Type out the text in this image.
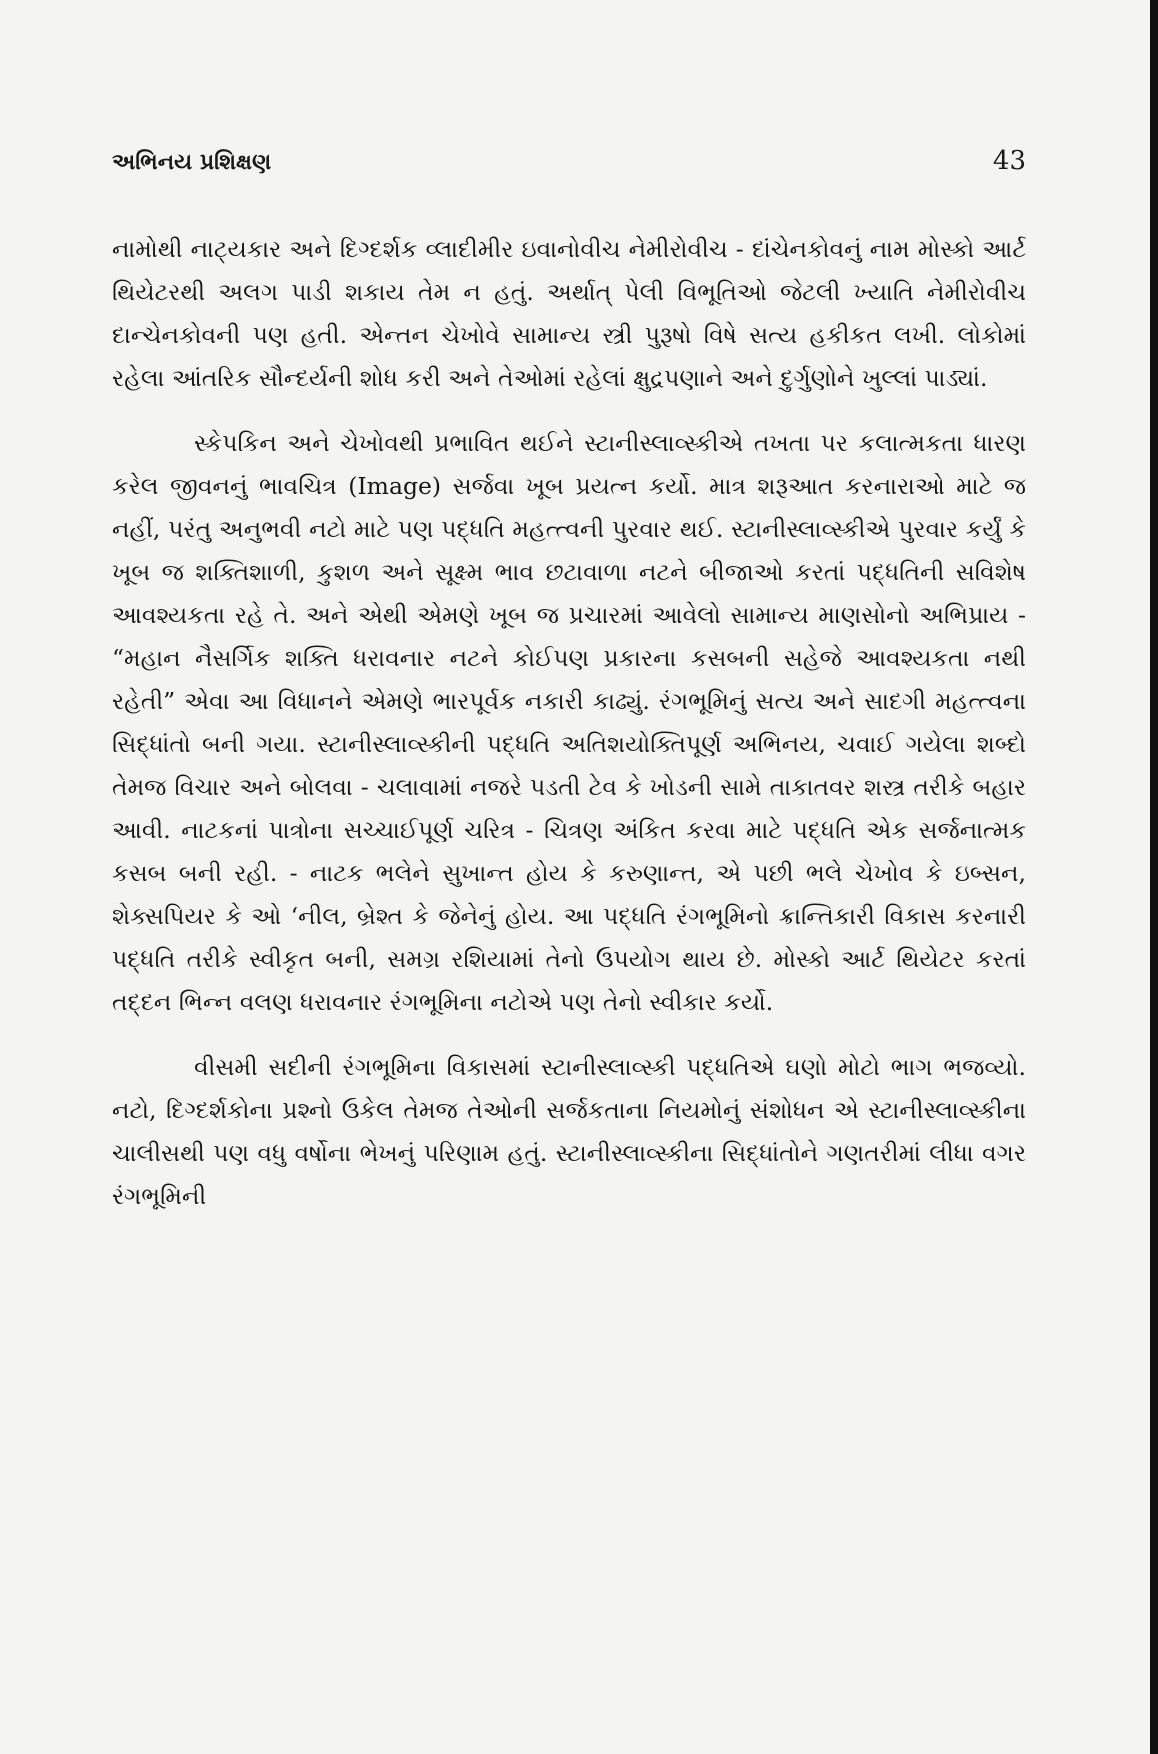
અભિનય પ્રશિક્ષણ	43

નામોથી નાટ્યકાર અને દિગ્દર્શક વ્લાદીમીર ઇવાનોવીચ નેમીરોવીચ - દાંચેનકોવનું નામ મોસ્કો આર્ટ થિયેટરથી અલગ પાડી શકાય તેમ ન હતું. અર્થાત્ પેલી વિભૂતિઓ જેટલી ખ્યાતિ નેમીરોવીચ દાન્ચેનકોવની પણ હતી. એન્તન ચેખોવે સામાન્ય સ્ત્રી પુરૂષો વિષે સત્ય હકીકત લખી. લોકોમાં રહેલા આંતરિક સૌન્દર્યની શોધ કરી અને તેઓમાં રહેલાં ક્ષુદ્રપણાને અને દુર્ગુણોને ખુલ્લાં પાડ્યાં.

સ્કેપકિન અને ચેખોવથી પ્રભાવિત થઈને સ્ટાનીસ્લાવ્સ્કીએ તખતા પર કલાત્મકતા ધારણ કરેલ જીવનનું ભાવચિત્ર (Image) સર્જવા ખૂબ પ્રયત્ન કર્યો. માત્ર શરૂઆત કરનારાઓ માટે જ નહીં, પરંતુ અનુભવી નટો માટે પણ પદ્ધતિ મહત્ત્વની પુરવાર થઈ. સ્ટાનીસ્લાવ્સ્કીએ પુરવાર કર્યું કે ખૂબ જ શક્તિશાળી, કુશળ અને સૂક્ષ્મ ભાવ છટાવાળા નટને બીજાઓ કરતાં પદ્ધતિની સવિશેષ આવશ્યકતા રહે તે. અને એથી એમણે ખૂબ જ પ્રચારમાં આવેલો સામાન્ય માણસોનો અભિપ્રાય - “મહાન નૈસર્ગિક શક્તિ ધરાવનાર નટને કોઈપણ પ્રકારના કસબની સહેજે આવશ્યકતા નથી રહેતી” એવા આ વિધાનને એમણે ભારપૂર્વક નકારી કાઢ્યું. રંગભૂમિનું સત્ય અને સાદગી મહત્ત્વના સિદ્ધાંતો બની ગયા. સ્ટાનીસ્લાવ્સ્કીની પદ્ધતિ અતિશયોક્તિપૂર્ણ અભિનય, ચવાઈ ગયેલા શબ્દો તેમજ વિચાર અને બોલવા - ચલાવામાં નજરે પડતી ટેવ કે ખોડની સામે તાકાતવર શસ્ત્ર તરીકે બહાર આવી. નાટકનાં પાત્રોના સચ્ચાઈપૂર્ણ ચરિત્ર - ચિત્રણ અંકિત કરવા માટે પદ્ધતિ એક સર્જનાત્મક કસબ બની રહી. - નાટક ભલેને સુખાન્ત હોય કે કરુણાન્ત, એ પછી ભલે ચેખોવ કે ઇબ્સન, શેક્સપિયર કે ઓ ‘નીલ, બ્રેશ્ત કે જેનેનું હોય. આ પદ્ધતિ રંગભૂમિનો ક્રાન્તિકારી વિકાસ કરનારી પદ્ધતિ તરીકે સ્વીકૃત બની, સમગ્ર રશિયામાં તેનો ઉપયોગ થાય છે. મોસ્કો આર્ટ થિયેટર કરતાં તદ્દન ભિન્ન વલણ ધરાવનાર રંગભૂમિના નટોએ પણ તેનો સ્વીકાર કર્યો.

વીસમી સદીની રંગભૂમિના વિકાસમાં સ્ટાનીસ્લાવ્સ્કી પદ્ધતિએ ઘણો મોટો ભાગ ભજવ્યો. નટો, દિગ્દર્શકોના પ્રશ્નો ઉકેલ તેમજ તેઓની સર્જકતાના નિયમોનું સંશોધન એ સ્ટાનીસ્લાવ્સ્કીના ચાલીસથી પણ વધુ વર્ષોના ભેખનું પરિણામ હતું. સ્ટાનીસ્લાવ્સ્કીના સિદ્ધાંતોને ગણતરીમાં લીધા વગર રંગભૂમિની
